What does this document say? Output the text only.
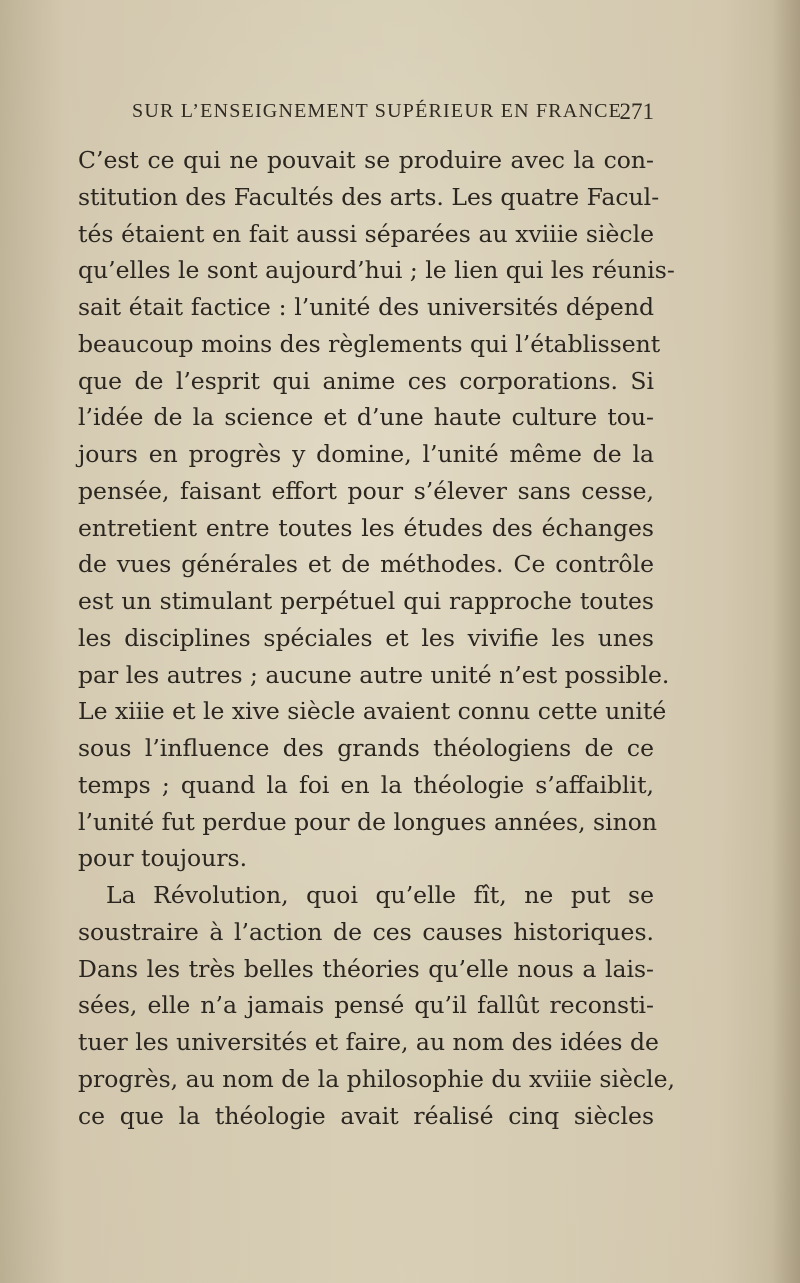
SUR L’ENSEIGNEMENT SUPÉRIEUR EN FRANCE
271
C’est ce qui ne pouvait se produire avec la con-
stitution des Facultés des arts. Les quatre Facul-
tés étaient en fait aussi séparées au xviiie siècle
qu’elles le sont aujourd’hui ; le lien qui les réunis-
sait était factice : l’unité des universités dépend
beaucoup moins des règlements qui l’établissent
que de l’esprit qui anime ces corporations. Si
l’idée de la science et d’une haute culture tou-
jours en progrès y domine, l’unité même de la
pensée, faisant effort pour s’élever sans cesse,
entretient entre toutes les études des échanges
de vues générales et de méthodes. Ce contrôle
est un stimulant perpétuel qui rapproche toutes
les disciplines spéciales et les vivifie les unes
par les autres ; aucune autre unité n’est possible.
Le xiiie et le xive siècle avaient connu cette unité
sous l’influence des grands théologiens de ce
temps ; quand la foi en la théologie s’affaiblit,
l’unité fut perdue pour de longues années, sinon
pour toujours.
La Révolution, quoi qu’elle fît, ne put se
soustraire à l’action de ces causes historiques.
Dans les très belles théories qu’elle nous a lais-
sées, elle n’a jamais pensé qu’il fallût reconsti-
tuer les universités et faire, au nom des idées de
progrès, au nom de la philosophie du xviiie siècle,
ce que la théologie avait réalisé cinq siècles
